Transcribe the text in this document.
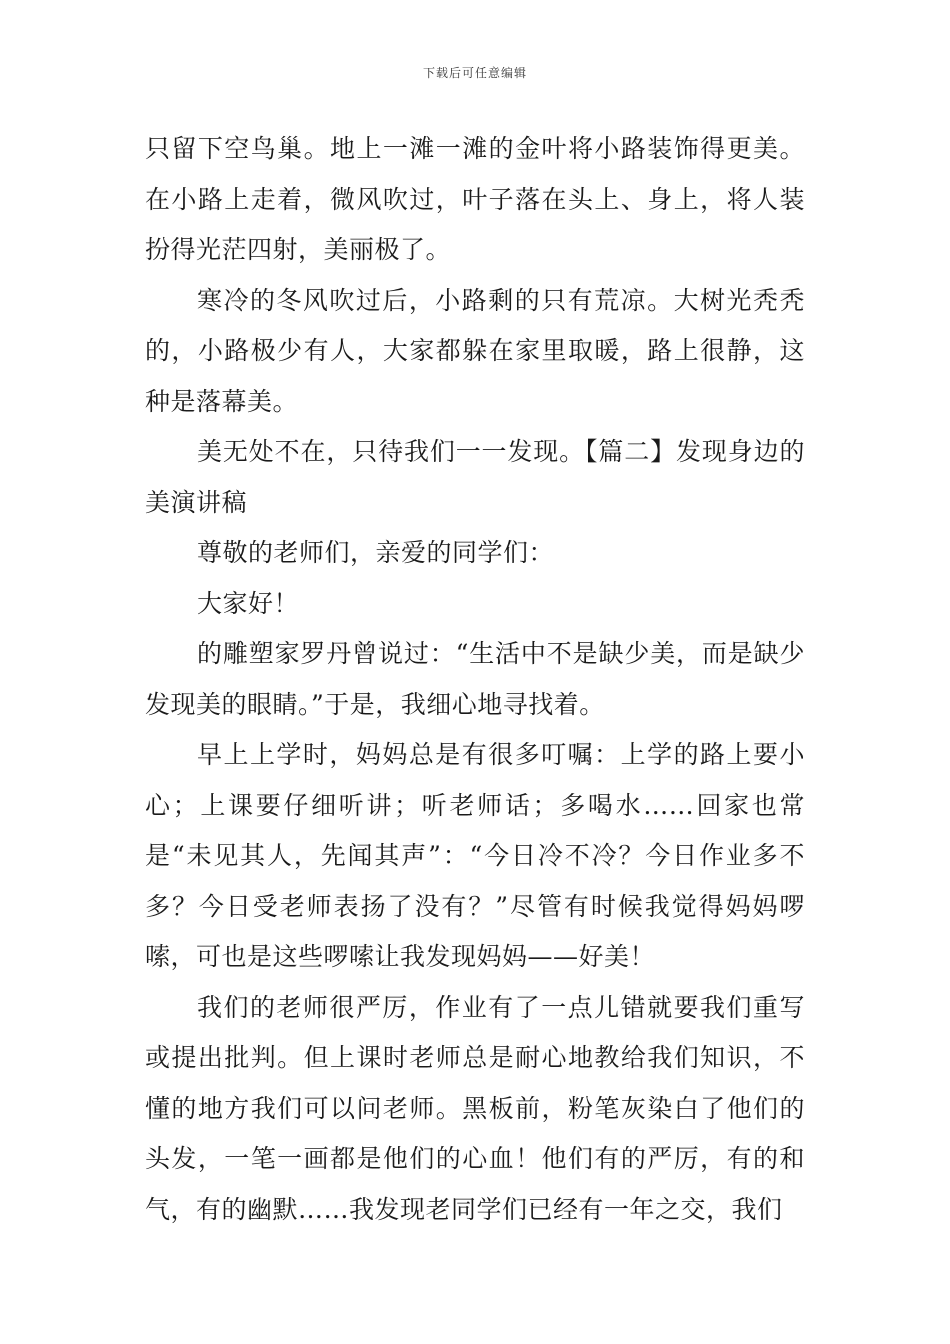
下载后可任意编辑

只留下空鸟巢。地上一滩一滩的金叶将小路装饰得更美。在小路上走着，微风吹过，叶子落在头上、身上，将人装扮得光茫四射，美丽极了。

寒冷的冬风吹过后，小路剩的只有荒凉。大树光秃秃的，小路极少有人，大家都躲在家里取暖，路上很静，这种是落幕美。

美无处不在，只待我们一一发现。【篇二】发现身边的美演讲稿

尊敬的老师们，亲爱的同学们：

大家好！

的雕塑家罗丹曾说过：“生活中不是缺少美，而是缺少发现美的眼睛。”于是，我细心地寻找着。

早上上学时，妈妈总是有很多叮嘱：上学的路上要小心；上课要仔细听讲；听老师话；多喝水……回家也常是“未见其人，先闻其声”：“今日冷不冷？今日作业多不多？今日受老师表扬了没有？”尽管有时候我觉得妈妈啰嗦，可也是这些啰嗦让我发现妈妈——好美！

我们的老师很严厉，作业有了一点儿错就要我们重写或提出批判。但上课时老师总是耐心地教给我们知识，不懂的地方我们可以问老师。黑板前，粉笔灰染白了他们的头发，一笔一画都是他们的心血！他们有的严厉，有的和气，有的幽默……我发现老同学们已经有一年之交，我们
